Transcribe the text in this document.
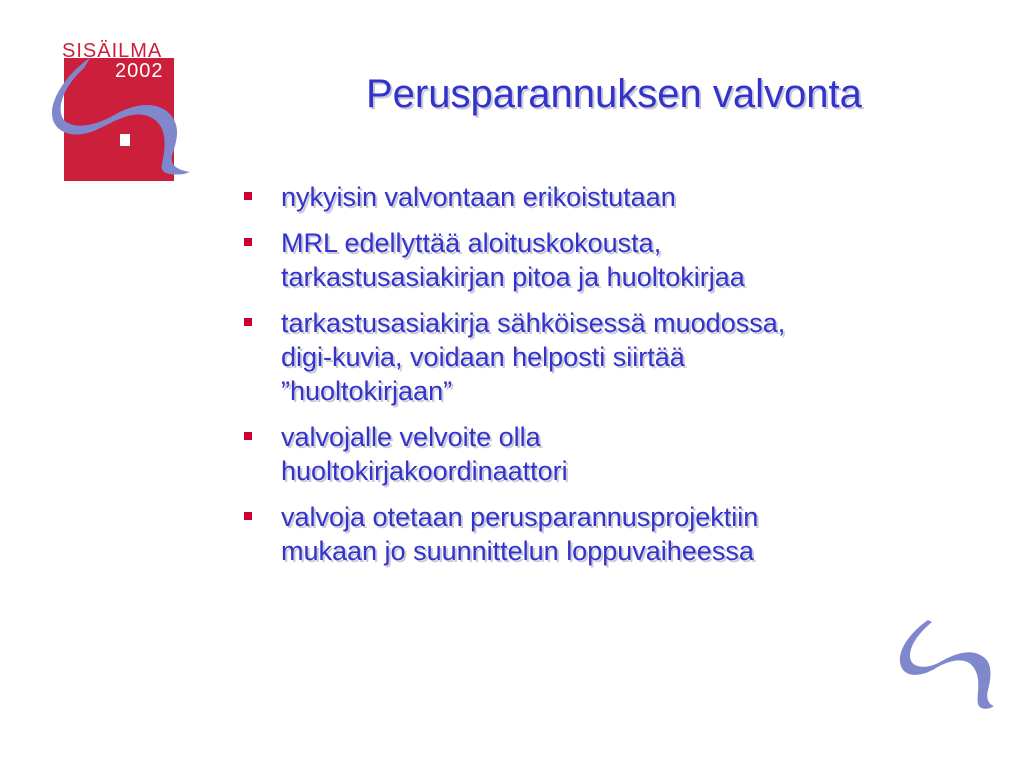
SISÄILMA
2002
Perusparannuksen valvonta
nykyisin valvontaan erikoistutaan
MRL edellyttää aloituskokousta,
tarkastusasiakirjan pitoa ja huoltokirjaa
tarkastusasiakirja sähköisessä muodossa,
digi-kuvia, voidaan helposti siirtää
”huoltokirjaan”
valvojalle velvoite olla
huoltokirjakoordinaattori
valvoja otetaan perusparannusprojektiin
mukaan jo suunnittelun loppuvaiheessa
